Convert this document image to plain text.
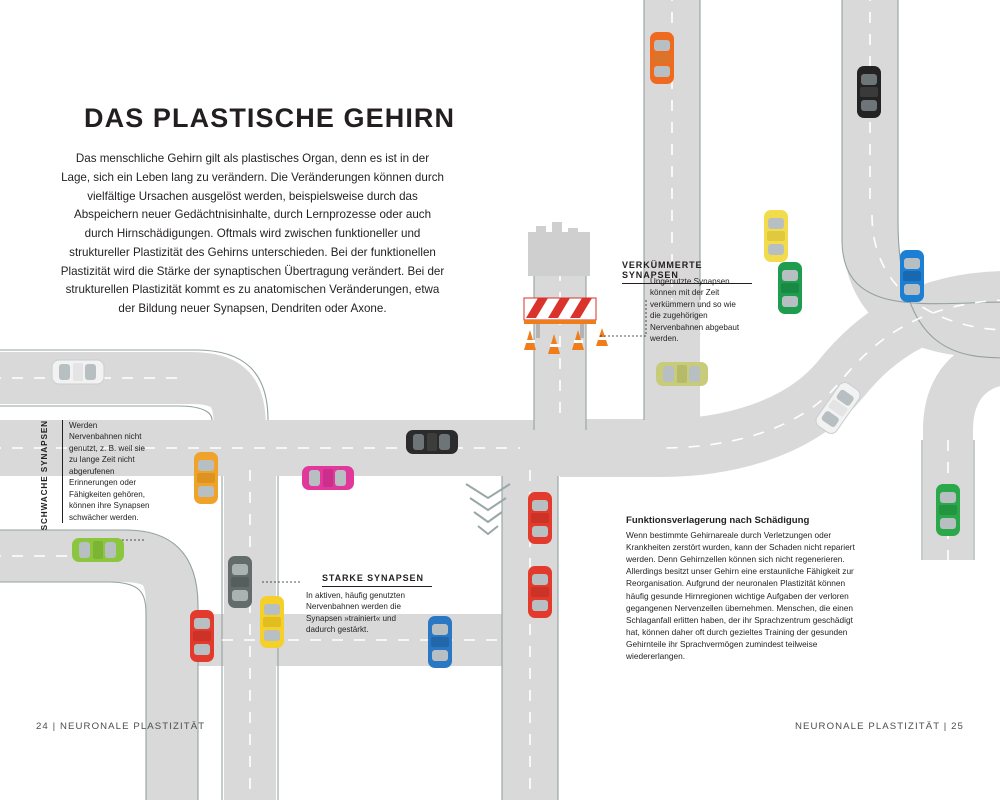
DAS PLASTISCHE GEHIRN
Das menschliche Gehirn gilt als plastisches Organ, denn es ist in der Lage, sich ein Leben lang zu verändern. Die Veränderungen können durch vielfältige Ursachen ausgelöst werden, beispielsweise durch das Abspeichern neuer Gedächtnisinhalte, durch Lernprozesse oder auch durch Hirnschädigungen. Oftmals wird zwischen funktioneller und struktureller Plastizität des Gehirns unterschieden. Bei der funktionellen Plastizität wird die Stärke der synaptischen Übertragung verändert. Bei der strukturellen Plastizität kommt es zu anatomischen Veränderungen, etwa der Bildung neuer Synapsen, Dendriten oder Axone.
SCHWACHE SYNAPSEN	Werden Nervenbahnen nicht genutzt, z. B. weil sie zu lange Zeit nicht abgerufenen Erinnerungen oder Fähigkeiten gehören, können ihre Synapsen schwächer werden.
VERKÜMMERTE SYNAPSEN
Ungenutzte Synapsen können mit der Zeit verkümmern und so wie die zugehörigen Nervenbahnen abgebaut werden.
STARKE SYNAPSEN
In aktiven, häufig genutzten Nervenbahnen werden die Synapsen »trainiert« und dadurch gestärkt.
Funktionsverlagerung nach Schädigung
Wenn bestimmte Gehirnareale durch Verletzungen oder Krankheiten zerstört wurden, kann der Schaden nicht repariert werden. Denn Gehirnzellen können sich nicht regenerieren. Allerdings besitzt unser Gehirn eine erstaunliche Fähigkeit zur Reorganisation. Aufgrund der neuronalen Plastizität können häufig gesunde Hirnregionen wichtige Aufgaben der verloren gegangenen Nervenzellen übernehmen. Menschen, die einen Schlaganfall erlitten haben, der ihr Sprachzentrum geschädigt hat, können daher oft durch gezieltes Training der gesunden Gehirnteile ihr Sprachvermögen zumindest teilweise wiedererlangen.
24 | NEURONALE PLASTIZITÄT	NEURONALE PLASTIZITÄT | 25
